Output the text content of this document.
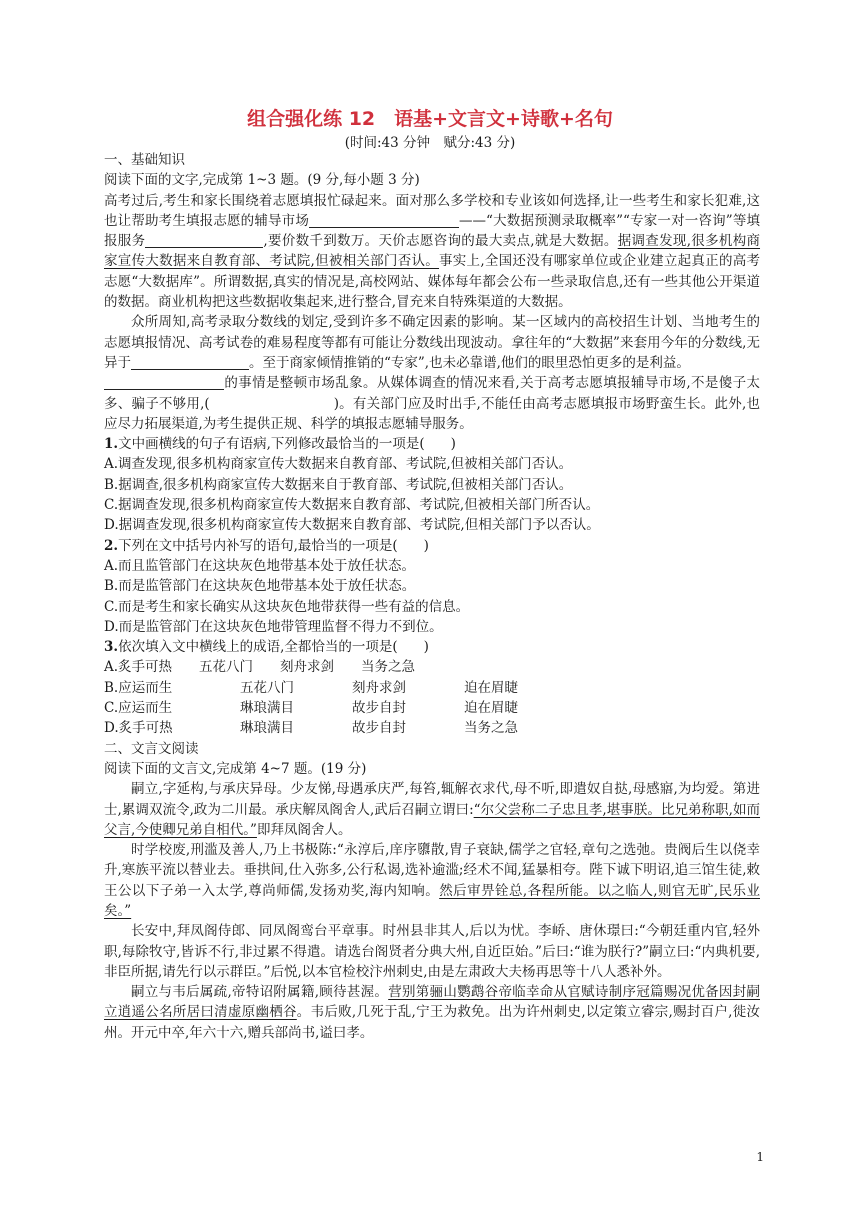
组合强化练 12　语基+文言文+诗歌+名句
(时间:43 分钟　赋分:43 分)

一、基础知识

阅读下面的文字,完成第 1~3 题。(9 分,每小题 3 分)

高考过后,考生和家长围绕着志愿填报忙碌起来。面对那么多学校和专业该如何选择,让一些考生和家长犯难,这也让帮助考生填报志愿的辅导市场	——“大数据预测录取概率”“专家一对一咨询”等填报服务	,要价数千到数万。天价志愿咨询的最大卖点,就是大数据。据调查发现,很多机构商家宣传大数据来自教育部、考试院,但被相关部门否认。事实上,全国还没有哪家单位或企业建立起真正的高考志愿“大数据库”。所谓数据,真实的情况是,高校网站、媒体每年都会公布一些录取信息,还有一些其他公开渠道的数据。商业机构把这些数据收集起来,进行整合,冒充来自特殊渠道的大数据。

众所周知,高考录取分数线的划定,受到许多不确定因素的影响。某一区域内的高校招生计划、当地考生的志愿填报情况、高考试卷的难易程度等都有可能让分数线出现波动。拿往年的“大数据”来套用今年的分数线,无异于	。至于商家倾情推销的“专家”,也未必靠谱,他们的眼里恐怕更多的是利益。

的事情是整顿市场乱象。从媒体调查的情况来看,关于高考志愿填报辅导市场,不是傻子太多、骗子不够用,(	)。有关部门应及时出手,不能任由高考志愿填报市场野蛮生长。此外,也应尽力拓展渠道,为考生提供正规、科学的填报志愿辅导服务。

1.文中画横线的句子有语病,下列修改最恰当的一项是( )

A.调查发现,很多机构商家宣传大数据来自教育部、考试院,但被相关部门否认。

B.据调查,很多机构商家宣传大数据来自于教育部、考试院,但被相关部门否认。

C.据调查发现,很多机构商家宣传大数据来自教育部、考试院,但被相关部门所否认。

D.据调查发现,很多机构商家宣传大数据来自教育部、考试院,但相关部门予以否认。

2.下列在文中括号内补写的语句,最恰当的一项是( )

A.而且监管部门在这块灰色地带基本处于放任状态。

B.而是监管部门在这块灰色地带基本处于放任状态。

C.而是考生和家长确实从这块灰色地带获得一些有益的信息。

D.而是监管部门在这块灰色地带管理监督不得力不到位。

3.依次填入文中横线上的成语,全都恰当的一项是( )

A.炙手可热　　五花八门　　刻舟求剑　　当务之急

B.应运而生	五花八门	刻舟求剑	迫在眉睫

C.应运而生	琳琅满目	故步自封	迫在眉睫

D.炙手可热	琳琅满目	故步自封	当务之急

二、文言文阅读

阅读下面的文言文,完成第 4~7 题。(19 分)

嗣立,字延构,与承庆异母。少友悌,母遇承庆严,每笞,辄解衣求代,母不听,即遣奴自挞,母感寤,为均爱。第进士,累调双流令,政为二川最。承庆解凤阁舍人,武后召嗣立谓曰:“尔父尝称二子忠且孝,堪事朕。比兄弟称职,如而父言,今使卿兄弟自相代。”即拜凤阁舍人。

时学校废,刑滥及善人,乃上书极陈:“永淳后,庠序隳散,胄子衰缺,儒学之官轻,章句之选弛。贵阀后生以侥幸升,寒族平流以替业去。垂拱间,仕入弥多,公行私谒,选补逾滥;经术不闻,猛暴相夸。陛下诚下明诏,追三馆生徒,敕王公以下子弟一入太学,尊尚师儒,发扬劝奖,海内知响。然后审畀铨总,各程所能。以之临人,则官无旷,民乐业矣。”

长安中,拜凤阁侍郎、同凤阁鸾台平章事。时州县非其人,后以为忧。李峤、唐休璟曰:“今朝廷重内官,轻外职,每除牧守,皆诉不行,非过累不得遣。请选台阁贤者分典大州,自近臣始。”后曰:“谁为朕行?”嗣立曰:“内典机要,非臣所据,请先行以示群臣。”后悦,以本官检校汴州刺史,由是左肃政大夫杨再思等十八人悉补外。

嗣立与韦后属疏,帝特诏附属籍,顾待甚渥。营别第骊山鹦鹉谷帝临幸命从官赋诗制序冠篇赐况优备因封嗣立逍遥公名所居曰清虚原幽栖谷。韦后败,几死于乱,宁王为救免。出为许州刺史,以定策立睿宗,赐封百户,徙汝州。开元中卒,年六十六,赠兵部尚书,谥曰孝。

1
